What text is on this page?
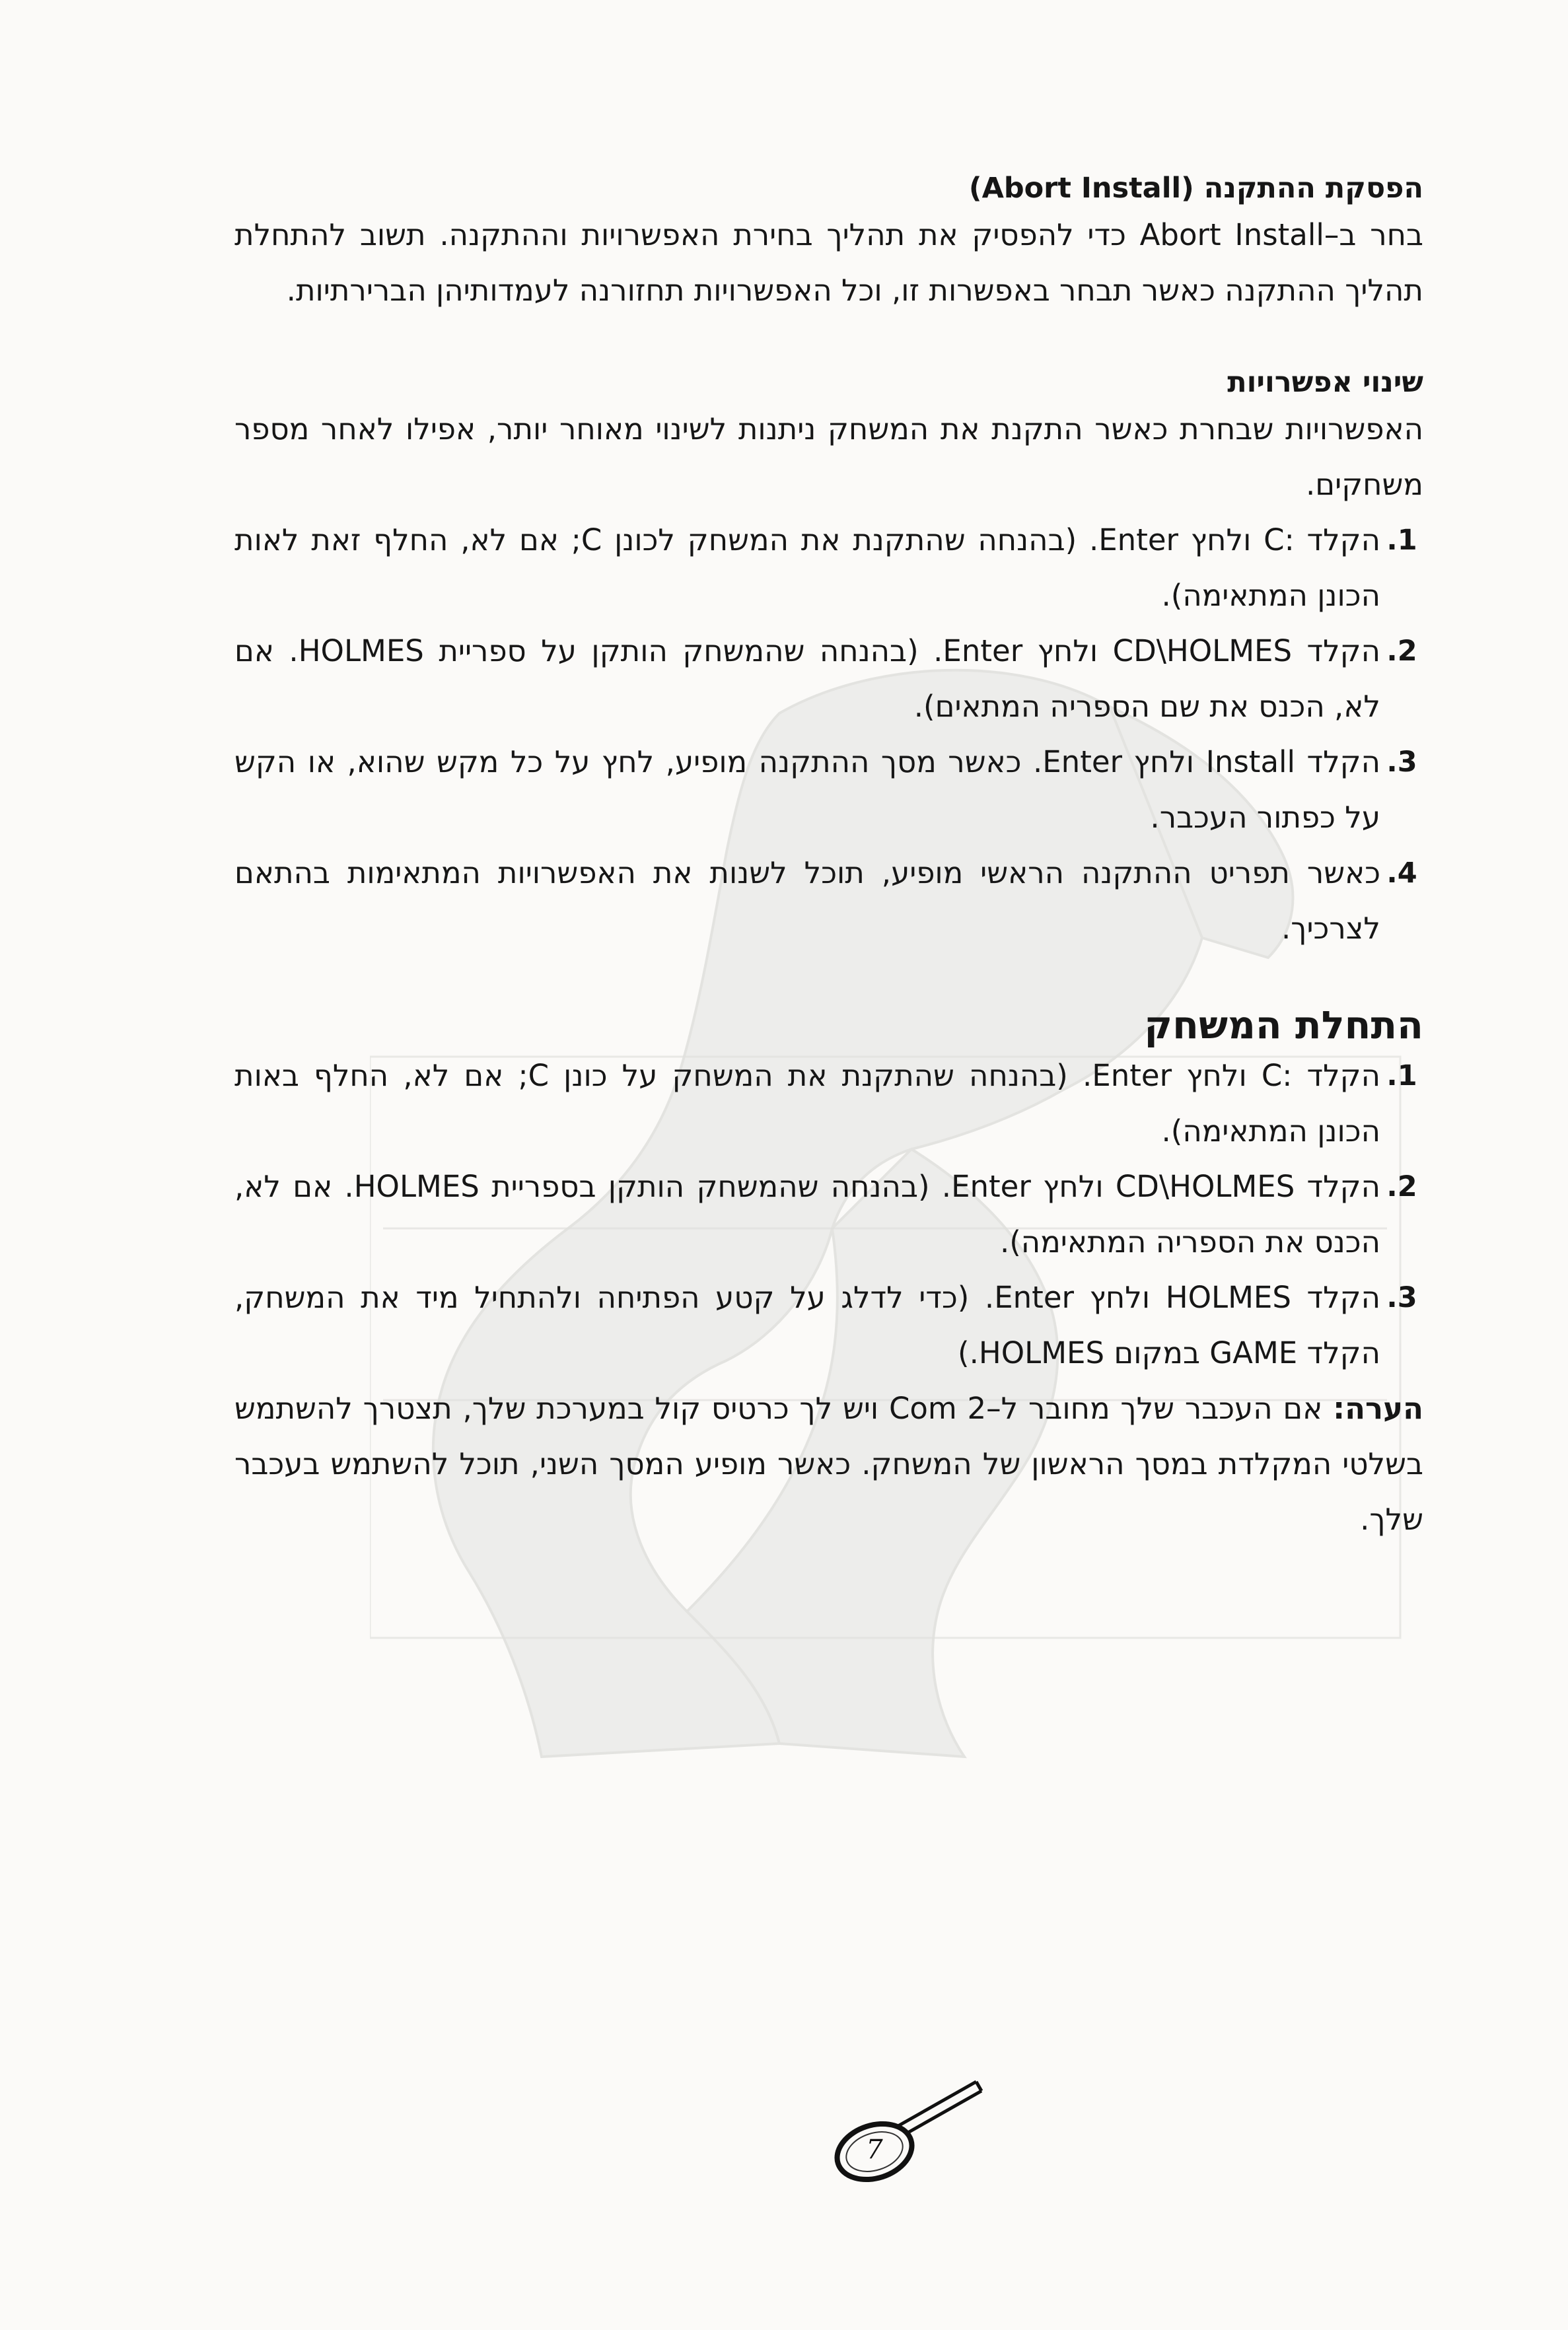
הפסקת ההתקנה (Abort Install)

בחר ב–Abort Install כדי להפסיק את תהליך בחירת האפשרויות וההתקנה. תשוב להתחלת תהליך ההתקנה כאשר תבחר באפשרות זו, וכל האפשרויות תחזורנה לעמדותיהן הברירתיות.

שינוי אפשרויות

האפשרויות שבחרת כאשר התקנת את המשחק ניתנות לשינוי מאוחר יותר, אפילו לאחר מספר משחקים.

1.
הקלד :C ולחץ Enter. (בהנחה שהתקנת את המשחק לכונן C; אם לא, החלף זאת לאות הכונן המתאימה).
2.
הקלד CD\HOLMES ולחץ Enter. (בהנחה שהמשחק הותקן על ספריית HOLMES. אם לא, הכנס את שם הספריה המתאים).
3.
הקלד Install ולחץ Enter. כאשר מסך ההתקנה מופיע, לחץ על כל מקש שהוא, או הקש על כפתור העכבר.
4.
כאשר תפריט ההתקנה הראשי מופיע, תוכל לשנות את האפשרויות המתאימות בהתאם לצרכיך.
התחלת המשחק
1.
הקלד :C ולחץ Enter. (בהנחה שהתקנת את המשחק על כונן C; אם לא, החלף באות הכונן המתאימה).
2.
הקלד CD\HOLMES ולחץ Enter. (בהנחה שהמשחק הותקן בספריית HOLMES. אם לא, הכנס את הספריה המתאימה).
3.
הקלד HOLMES ולחץ Enter. (כדי לדלג על קטע הפתיחה ולהתחיל מיד את המשחק, הקלד GAME במקום HOLMES.)

הערה: אם העכבר שלך מחובר ל–Com 2 ויש לך כרטיס קול במערכת שלך, תצטרך להשתמש בשלטי המקלדת במסך הראשון של המשחק. כאשר מופיע המסך השני, תוכל להשתמש בעכבר שלך.

7
